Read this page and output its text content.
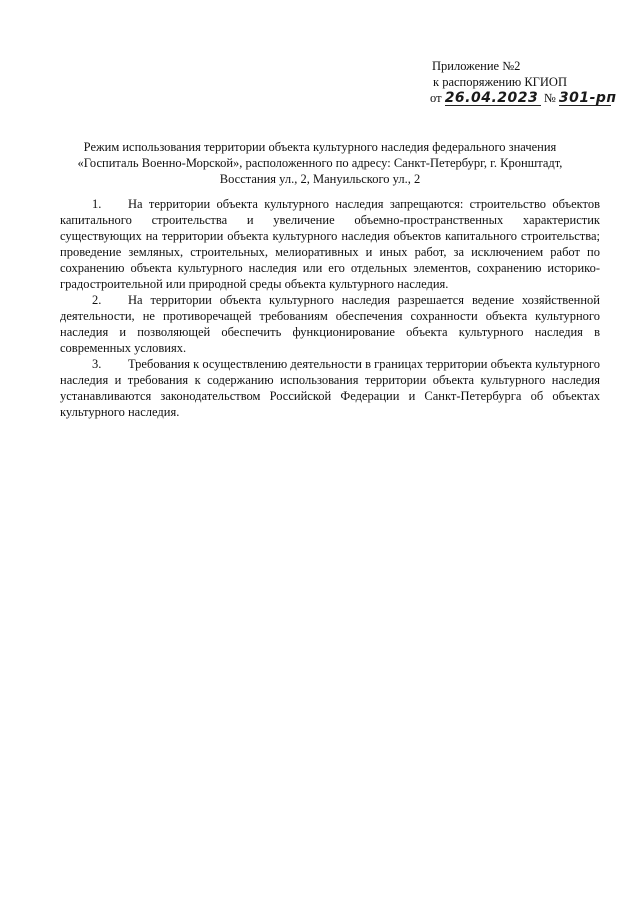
Приложение №2
к распоряжению КГИОП
от 26.04.2023 № 301-рп
Режим использования территории объекта культурного наследия федерального значения
«Госпиталь Военно-Морской», расположенного по адресу: Санкт-Петербург, г. Кронштадт,
Восстания ул., 2, Мануильского ул., 2

1. На территории объекта культурного наследия запрещаются: строительство объектов капитального строительства и увеличение объемно-пространственных характеристик существующих на территории объекта культурного наследия объектов капитального строительства; проведение земляных, строительных, мелиоративных и иных работ, за исключением работ по сохранению объекта культурного наследия или его отдельных элементов, сохранению историко-градостроительной или природной среды объекта культурного наследия.

2. На территории объекта культурного наследия разрешается ведение хозяйственной деятельности, не противоречащей требованиям обеспечения сохранности объекта культурного наследия и позволяющей обеспечить функционирование объекта культурного наследия в современных условиях.

3. Требования к осуществлению деятельности в границах территории объекта культурного наследия и требования к содержанию использования территории объекта культурного наследия устанавливаются законодательством Российской Федерации и Санкт-Петербурга об объектах культурного наследия.
